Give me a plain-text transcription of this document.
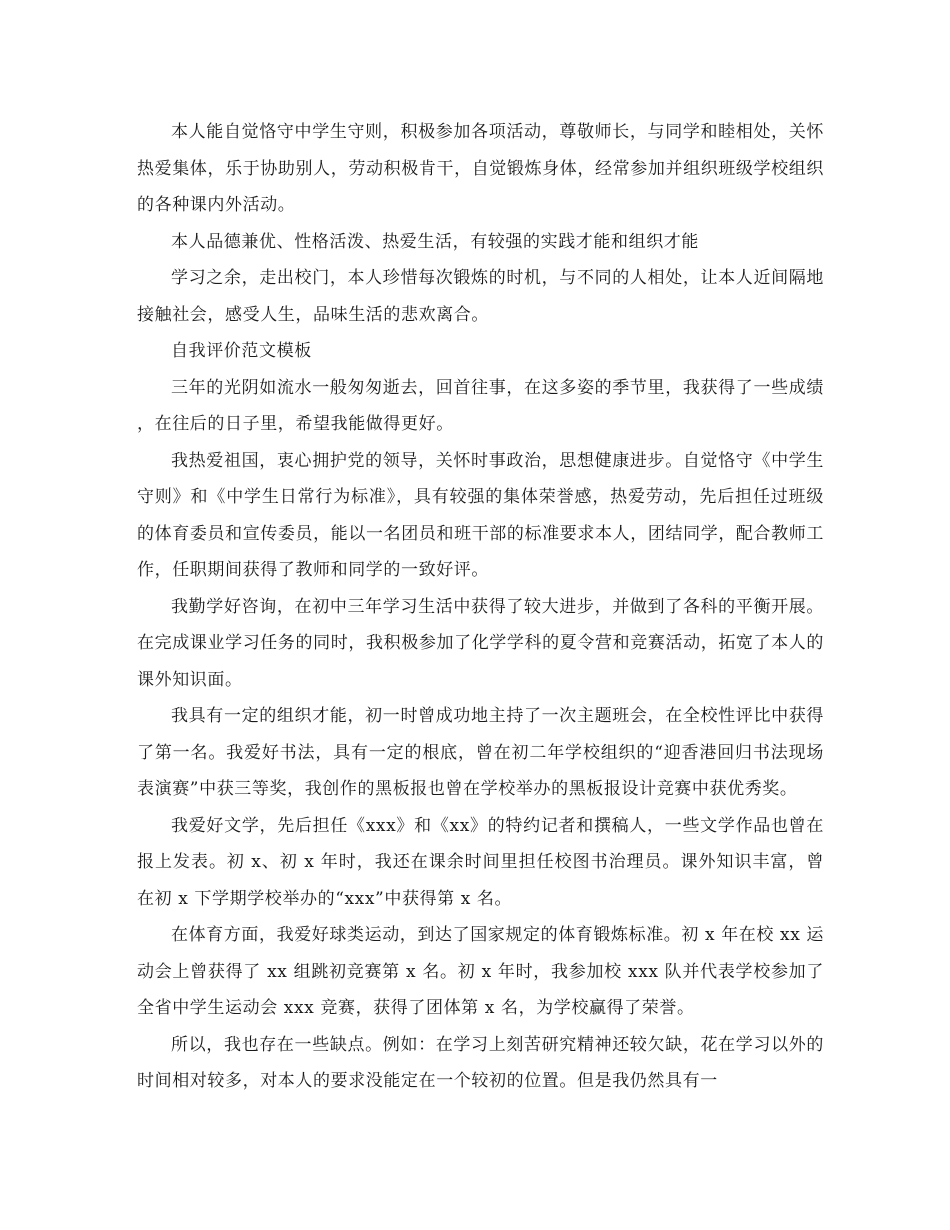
本人能自觉恪守中学生守则，积极参加各项活动，尊敬师长，与同学和睦相处，关怀热爱集体，乐于协助别人，劳动积极肯干，自觉锻炼身体，经常参加并组织班级学校组织的各种课内外活动。

本人品德兼优、性格活泼、热爱生活，有较强的实践才能和组织才能

学习之余，走出校门，本人珍惜每次锻炼的时机，与不同的人相处，让本人近间隔地接触社会，感受人生，品味生活的悲欢离合。

自我评价范文模板

三年的光阴如流水一般匆匆逝去，回首往事，在这多姿的季节里，我获得了一些成绩，在往后的日子里，希望我能做得更好。

我热爱祖国，衷心拥护党的领导，关怀时事政治，思想健康进步。自觉恪守《中学生守则》和《中学生日常行为标准》，具有较强的集体荣誉感，热爱劳动，先后担任过班级的体育委员和宣传委员，能以一名团员和班干部的标准要求本人，团结同学，配合教师工作，任职期间获得了教师和同学的一致好评。

我勤学好咨询，在初中三年学习生活中获得了较大进步，并做到了各科的平衡开展。在完成课业学习任务的同时，我积极参加了化学学科的夏令营和竞赛活动，拓宽了本人的课外知识面。

我具有一定的组织才能，初一时曾成功地主持了一次主题班会，在全校性评比中获得了第一名。我爱好书法，具有一定的根底，曾在初二年学校组织的“迎香港回归书法现场表演赛”中获三等奖，我创作的黑板报也曾在学校举办的黑板报设计竞赛中获优秀奖。

我爱好文学，先后担任《xxx》和《xx》的特约记者和撰稿人，一些文学作品也曾在报上发表。初 x、初 x 年时，我还在课余时间里担任校图书治理员。课外知识丰富，曾在初 x 下学期学校举办的“xxx”中获得第 x 名。

在体育方面，我爱好球类运动，到达了国家规定的体育锻炼标准。初 x 年在校 xx 运动会上曾获得了 xx 组跳初竞赛第 x 名。初 x 年时，我参加校 xxx 队并代表学校参加了全省中学生运动会 xxx 竞赛，获得了团体第 x 名，为学校赢得了荣誉。

所以，我也存在一些缺点。例如：在学习上刻苦研究精神还较欠缺，花在学习以外的时间相对较多，对本人的要求没能定在一个较初的位置。但是我仍然具有一
